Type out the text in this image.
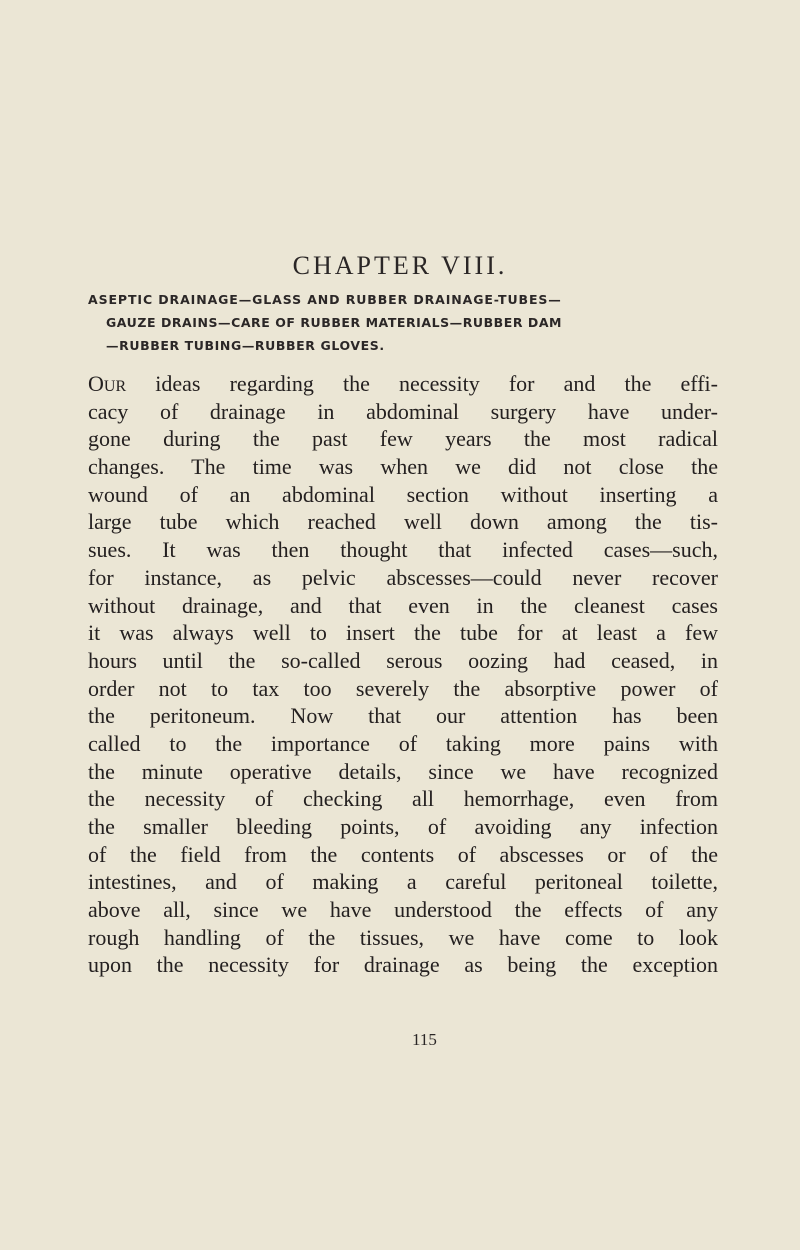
CHAPTER VIII.
ASEPTIC DRAINAGE—GLASS AND RUBBER DRAINAGE-TUBES—
GAUZE DRAINS—CARE OF RUBBER MATERIALS—RUBBER DAM
—RUBBER TUBING—RUBBER GLOVES.
OUR ideas regarding the necessity for and the effi-
cacy of drainage in abdominal surgery have under-
gone during the past few years the most radical
changes. The time was when we did not close the
wound of an abdominal section without inserting a
large tube which reached well down among the tis-
sues. It was then thought that infected cases—such,
for instance, as pelvic abscesses—could never recover
without drainage, and that even in the cleanest cases
it was always well to insert the tube for at least a few
hours until the so-called serous oozing had ceased, in
order not to tax too severely the absorptive power of
the peritoneum. Now that our attention has been
called to the importance of taking more pains with
the minute operative details, since we have recognized
the necessity of checking all hemorrhage, even from
the smaller bleeding points, of avoiding any infection
of the field from the contents of abscesses or of the
intestines, and of making a careful peritoneal toilette,
above all, since we have understood the effects of any
rough handling of the tissues, we have come to look
upon the necessity for drainage as being the exception
115
